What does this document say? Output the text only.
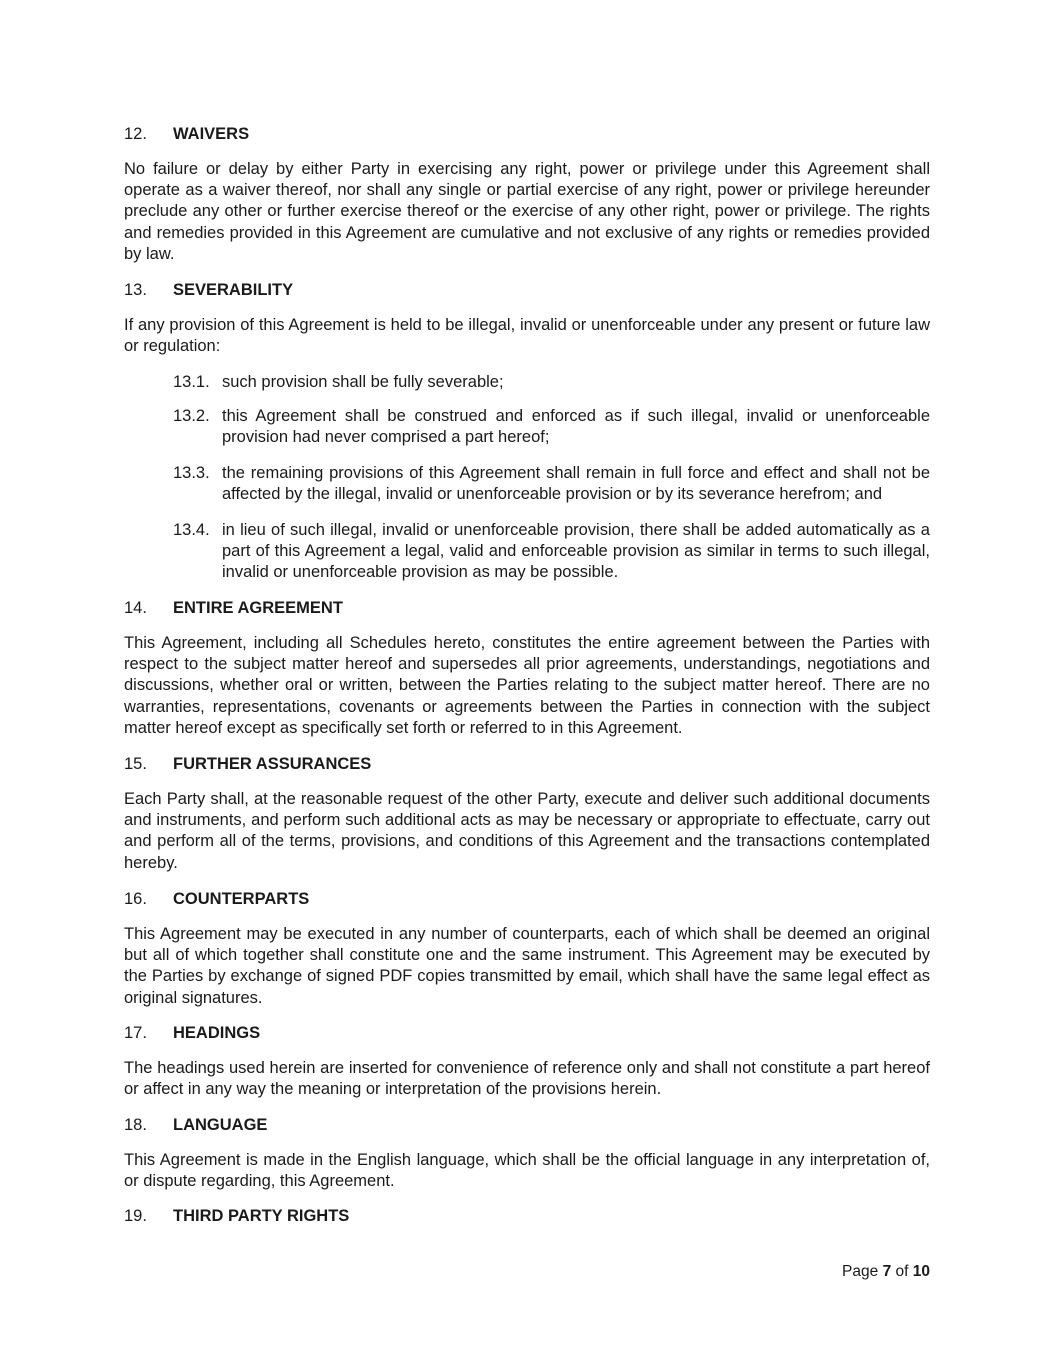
12. WAIVERS
No failure or delay by either Party in exercising any right, power or privilege under this Agreement shall operate as a waiver thereof, nor shall any single or partial exercise of any right, power or privilege hereunder preclude any other or further exercise thereof or the exercise of any other right, power or privilege. The rights and remedies provided in this Agreement are cumulative and not exclusive of any rights or remedies provided by law.
13. SEVERABILITY
If any provision of this Agreement is held to be illegal, invalid or unenforceable under any present or future law or regulation:
13.1. such provision shall be fully severable;
13.2. this Agreement shall be construed and enforced as if such illegal, invalid or unenforceable provision had never comprised a part hereof;
13.3. the remaining provisions of this Agreement shall remain in full force and effect and shall not be affected by the illegal, invalid or unenforceable provision or by its severance herefrom; and
13.4. in lieu of such illegal, invalid or unenforceable provision, there shall be added automatically as a part of this Agreement a legal, valid and enforceable provision as similar in terms to such illegal, invalid or unenforceable provision as may be possible.
14. ENTIRE AGREEMENT
This Agreement, including all Schedules hereto, constitutes the entire agreement between the Parties with respect to the subject matter hereof and supersedes all prior agreements, understandings, negotiations and discussions, whether oral or written, between the Parties relating to the subject matter hereof. There are no warranties, representations, covenants or agreements between the Parties in connection with the subject matter hereof except as specifically set forth or referred to in this Agreement.
15. FURTHER ASSURANCES
Each Party shall, at the reasonable request of the other Party, execute and deliver such additional documents and instruments, and perform such additional acts as may be necessary or appropriate to effectuate, carry out and perform all of the terms, provisions, and conditions of this Agreement and the transactions contemplated hereby.
16. COUNTERPARTS
This Agreement may be executed in any number of counterparts, each of which shall be deemed an original but all of which together shall constitute one and the same instrument. This Agreement may be executed by the Parties by exchange of signed PDF copies transmitted by email, which shall have the same legal effect as original signatures.
17. HEADINGS
The headings used herein are inserted for convenience of reference only and shall not constitute a part hereof or affect in any way the meaning or interpretation of the provisions herein.
18. LANGUAGE
This Agreement is made in the English language, which shall be the official language in any interpretation of, or dispute regarding, this Agreement.
19. THIRD PARTY RIGHTS
Page 7 of 10
